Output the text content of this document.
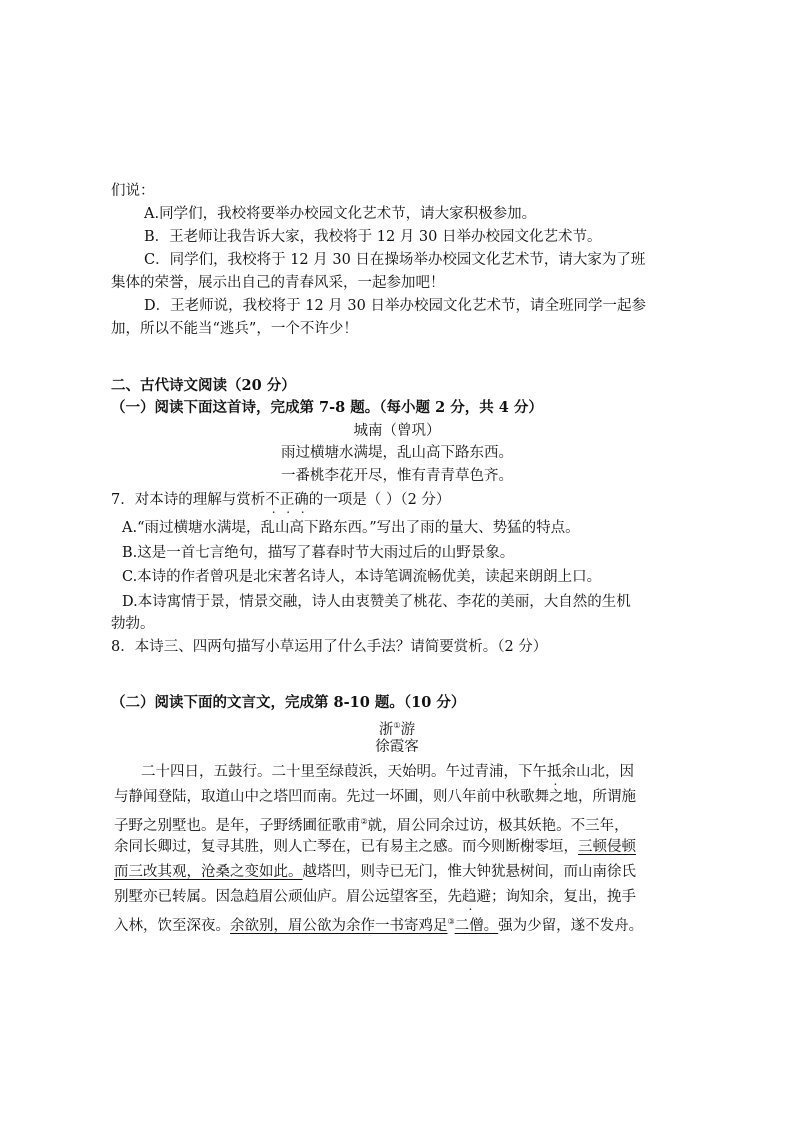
们说：
A.同学们，我校将要举办校园文化艺术节，请大家积极参加。
B．王老师让我告诉大家，我校将于 12 月 30 日举办校园文化艺术节。
C．同学们，我校将于 12 月 30 日在操场举办校园文化艺术节，请大家为了班
集体的荣誉，展示出自己的青春风采，一起参加吧！
D．王老师说，我校将于 12 月 30 日举办校园文化艺术节，请全班同学一起参
加，所以不能当“逃兵”，一个不许少！
二、古代诗文阅读（20 分）
（一）阅读下面这首诗，完成第 7-8 题。（每小题 2 分，共 4 分）
城南（曾巩）
雨过横塘水满堤，乱山高下路东西。
一番桃李花开尽，惟有青青草色齐。
7．对本诗的理解与赏析不正确的一项是（ ）（2 分）
A.“雨过横塘水满堤，乱山高下路东西。”写出了雨的量大、势猛的特点。
B.这是一首七言绝句，描写了暮春时节大雨过后的山野景象。
C.本诗的作者曾巩是北宋著名诗人，本诗笔调流畅优美，读起来朗朗上口。
D.本诗寓情于景，情景交融，诗人由衷赞美了桃花、李花的美丽，大自然的生机
勃勃。
8．本诗三、四两句描写小草运用了什么手法？请简要赏析。（2 分）
（二）阅读下面的文言文，完成第 8-10 题。（10 分）
浙①游
徐霞客
二十四日，五鼓行。二十里至绿葭浜，天始明。午过青浦，下午抵余山北，因
与静闻登陆，取道山中之塔凹而南。先过一坏圃，则八年前中秋歌舞之地，所谓施
子野之别墅也。是年，子野绣圃征歌甫②就，眉公同余过访，极其妖艳。不三年，
余同长卿过，复寻其胜，则人亡琴在，已有易主之感。而今则断榭零垣，三顿侵顿
而三改其观，沧桑之变如此。越塔凹，则寺已无门，惟大钟犹悬树间，而山南徐氏
别墅亦已转属。因急趋眉公顽仙庐。眉公远望客至，先趋避；询知余，复出，挽手
入林，饮至深夜。余欲别，眉公欲为余作一书寄鸡足③二僧。强为少留，遂不发舟。
